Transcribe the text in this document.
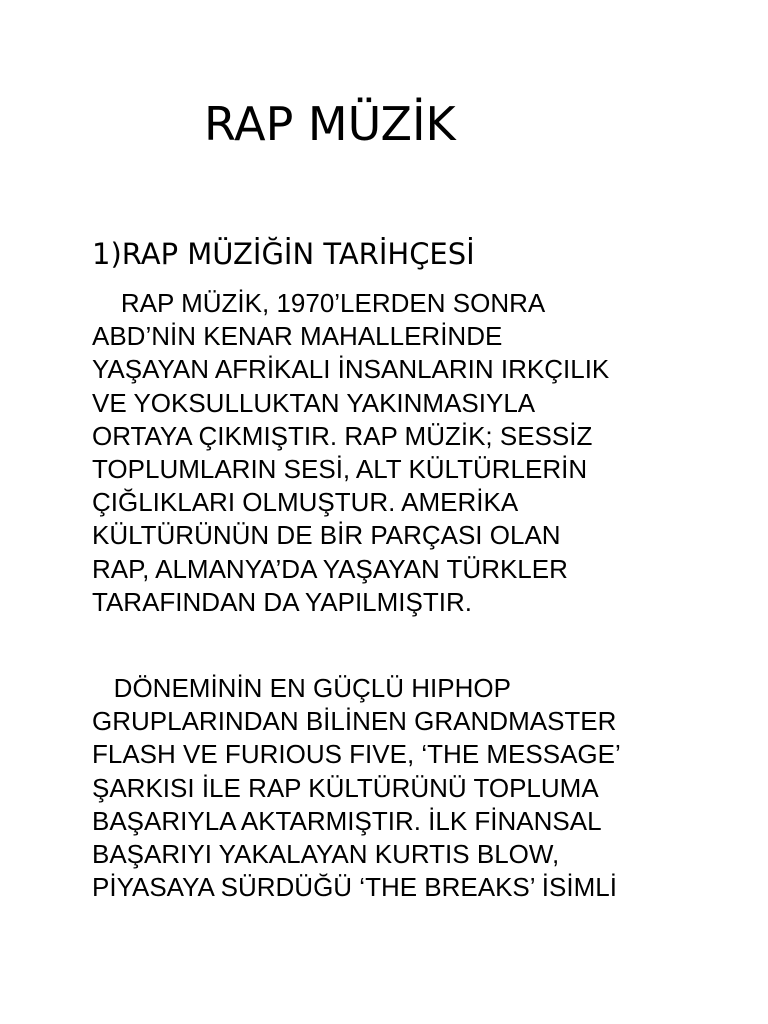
RAP MÜZİK
1)RAP MÜZİĞİN TARİHÇESİ

RAP MÜZİK, 1970’LERDEN SONRA
ABD’NİN KENAR MAHALLERİNDE
YAŞAYAN AFRİKALI İNSANLARIN IRKÇILIK
VE YOKSULLUKTAN YAKINMASIYLA
ORTAYA ÇIKMIŞTIR. RAP MÜZİK; SESSİZ
TOPLUMLARIN SESİ, ALT KÜLTÜRLERİN
ÇIĞLIKLARI OLMUŞTUR. AMERİKA
KÜLTÜRÜNÜN DE BİR PARÇASI OLAN
RAP, ALMANYA’DA YAŞAYAN TÜRKLER
TARAFINDAN DA YAPILMIŞTIR.

DÖNEMİNİN EN GÜÇLÜ HIPHOP
GRUPLARINDAN BİLİNEN GRANDMASTER
FLASH VE FURIOUS FIVE, ‘THE MESSAGE’
ŞARKISI İLE RAP KÜLTÜRÜNÜ TOPLUMA
BAŞARIYLA AKTARMIŞTIR. İLK FİNANSAL
BAŞARIYI YAKALAYAN KURTIS BLOW,
PİYASAYA SÜRDÜĞÜ ‘THE BREAKS’ İSİMLİ
